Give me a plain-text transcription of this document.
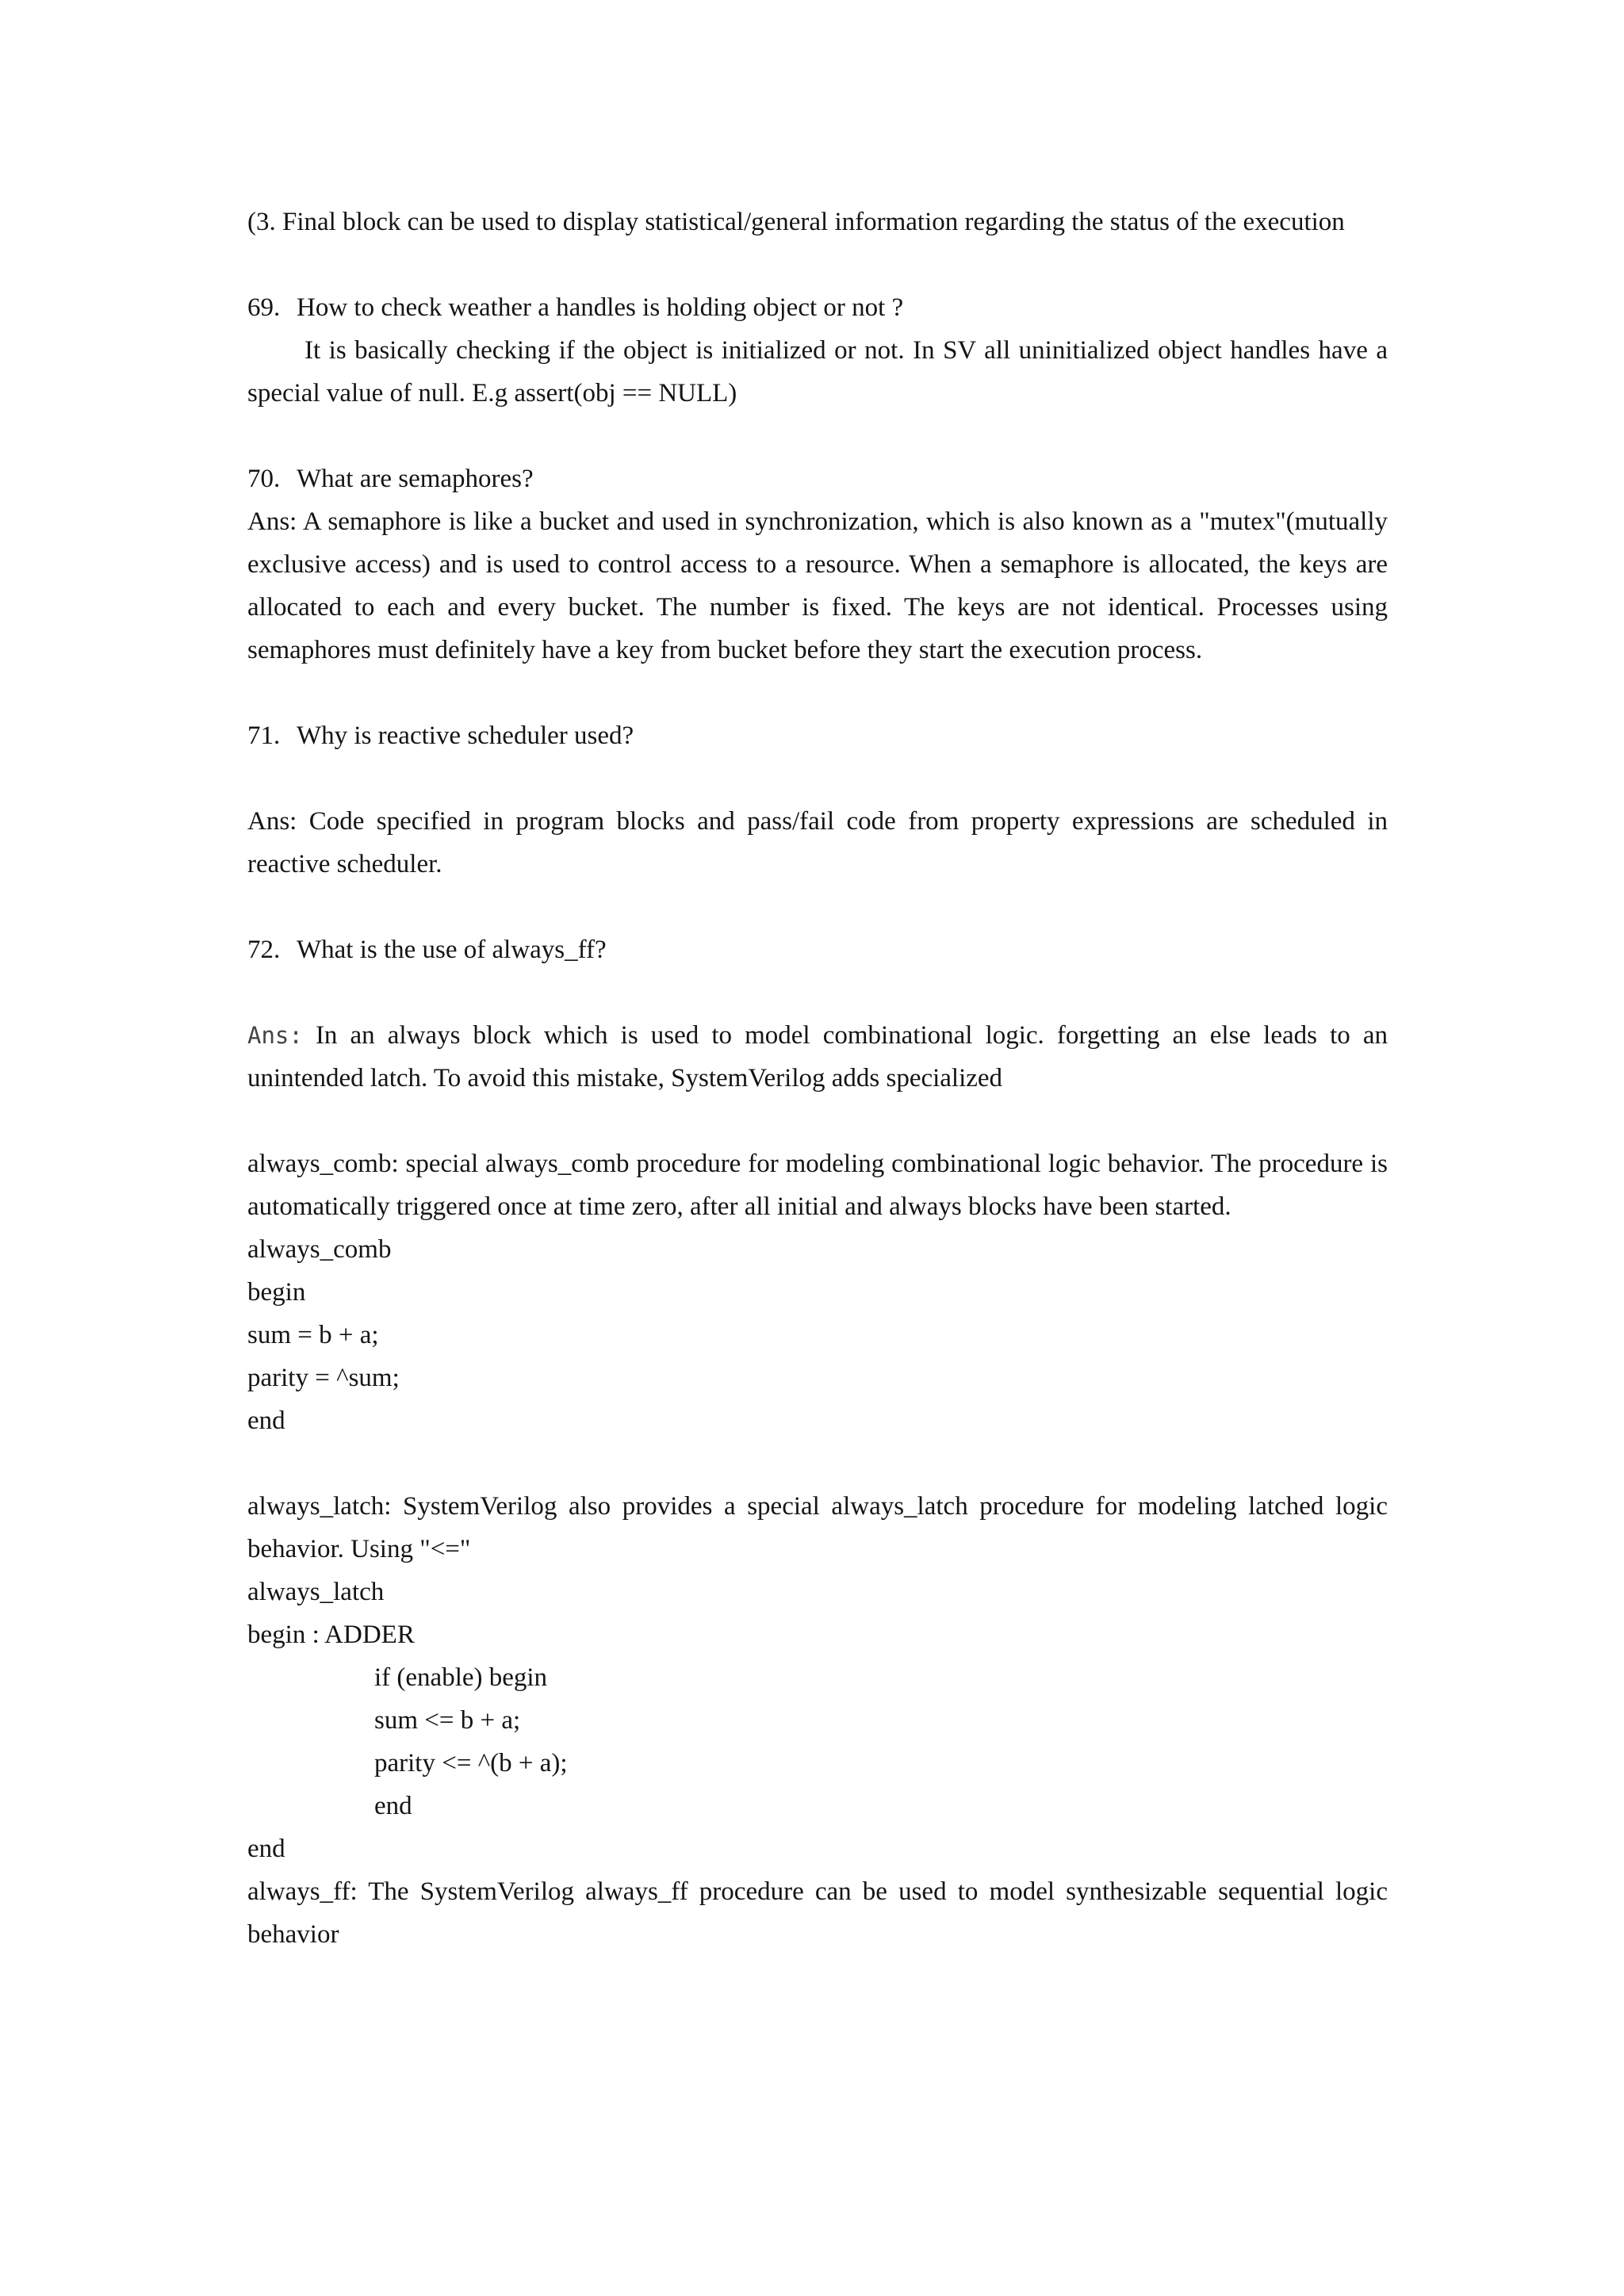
(3. Final block can be used to display statistical/general information regarding the status of the execution

69. How to check weather a handles is holding object or not ?

It is basically checking if the object is initialized or not. In SV all uninitialized object handles have a special value of null. E.g assert(obj == NULL)

70. What are semaphores?

Ans: A semaphore is like a bucket and used in synchronization, which is also known as a "mutex"(mutually exclusive access) and is used to control access to a resource. When a semaphore is allocated, the keys are allocated to each and every bucket. The number is fixed. The keys are not identical. Processes using semaphores must definitely have a key from bucket before they start the execution process.

71. Why is reactive scheduler used?

Ans: Code specified in program blocks and pass/fail code from property expressions are scheduled in reactive scheduler.

72. What is the use of always_ff?

Ans: In an always block which is used to model combinational logic. forgetting an else leads to an unintended latch. To avoid this mistake, SystemVerilog adds specialized

always_comb: special always_comb procedure for modeling combinational logic behavior. The procedure is automatically triggered once at time zero, after all initial and always blocks have been started.

always_comb

begin

sum = b + a;

parity = ^sum;

end

always_latch: SystemVerilog also provides a special always_latch procedure for modeling latched logic behavior. Using "<="

always_latch

begin : ADDER

if (enable) begin

sum <= b + a;

parity <= ^(b + a);

end

end

always_ff: The SystemVerilog always_ff procedure can be used to model synthesizable sequential logic behavior
